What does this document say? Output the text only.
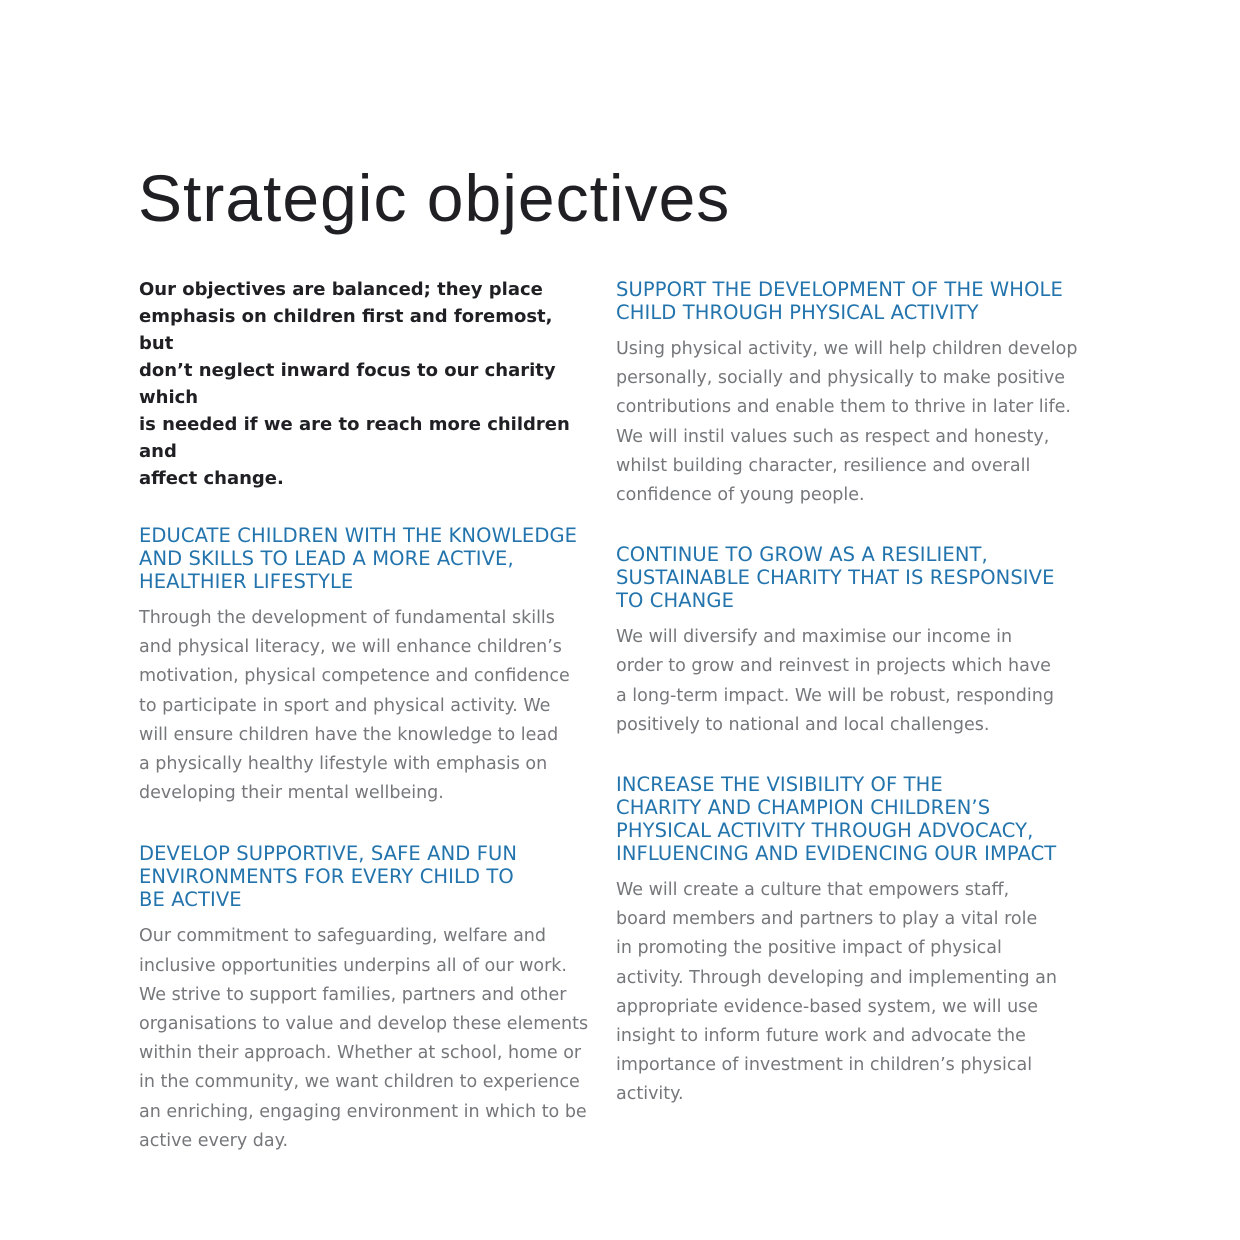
Strategic objectives

Our objectives are balanced; they place
emphasis on children first and foremost, but
don’t neglect inward focus to our charity which
is needed if we are to reach more children and
affect change.

EDUCATE CHILDREN WITH THE KNOWLEDGE
AND SKILLS TO LEAD A MORE ACTIVE,
HEALTHIER LIFESTYLE

Through the development of fundamental skills
and physical literacy, we will enhance children’s
motivation, physical competence and confidence
to participate in sport and physical activity. We
will ensure children have the knowledge to lead
a physically healthy lifestyle with emphasis on
developing their mental wellbeing.

DEVELOP SUPPORTIVE, SAFE AND FUN
ENVIRONMENTS FOR EVERY CHILD TO
BE ACTIVE

Our commitment to safeguarding, welfare and
inclusive opportunities underpins all of our work.
We strive to support families, partners and other
organisations to value and develop these elements
within their approach. Whether at school, home or
in the community, we want children to experience
an enriching, engaging environment in which to be
active every day.

SUPPORT THE DEVELOPMENT OF THE WHOLE
CHILD THROUGH PHYSICAL ACTIVITY

Using physical activity, we will help children develop
personally, socially and physically to make positive
contributions and enable them to thrive in later life.
We will instil values such as respect and honesty,
whilst building character, resilience and overall
confidence of young people.

CONTINUE TO GROW AS A RESILIENT,
SUSTAINABLE CHARITY THAT IS RESPONSIVE
TO CHANGE

We will diversify and maximise our income in
order to grow and reinvest in projects which have
a long-term impact. We will be robust, responding
positively to national and local challenges.

INCREASE THE VISIBILITY OF THE
CHARITY AND CHAMPION CHILDREN’S
PHYSICAL ACTIVITY THROUGH ADVOCACY,
INFLUENCING AND EVIDENCING OUR IMPACT

We will create a culture that empowers staff,
board members and partners to play a vital role
in promoting the positive impact of physical
activity. Through developing and implementing an
appropriate evidence-based system, we will use
insight to inform future work and advocate the
importance of investment in children’s physical
activity.
